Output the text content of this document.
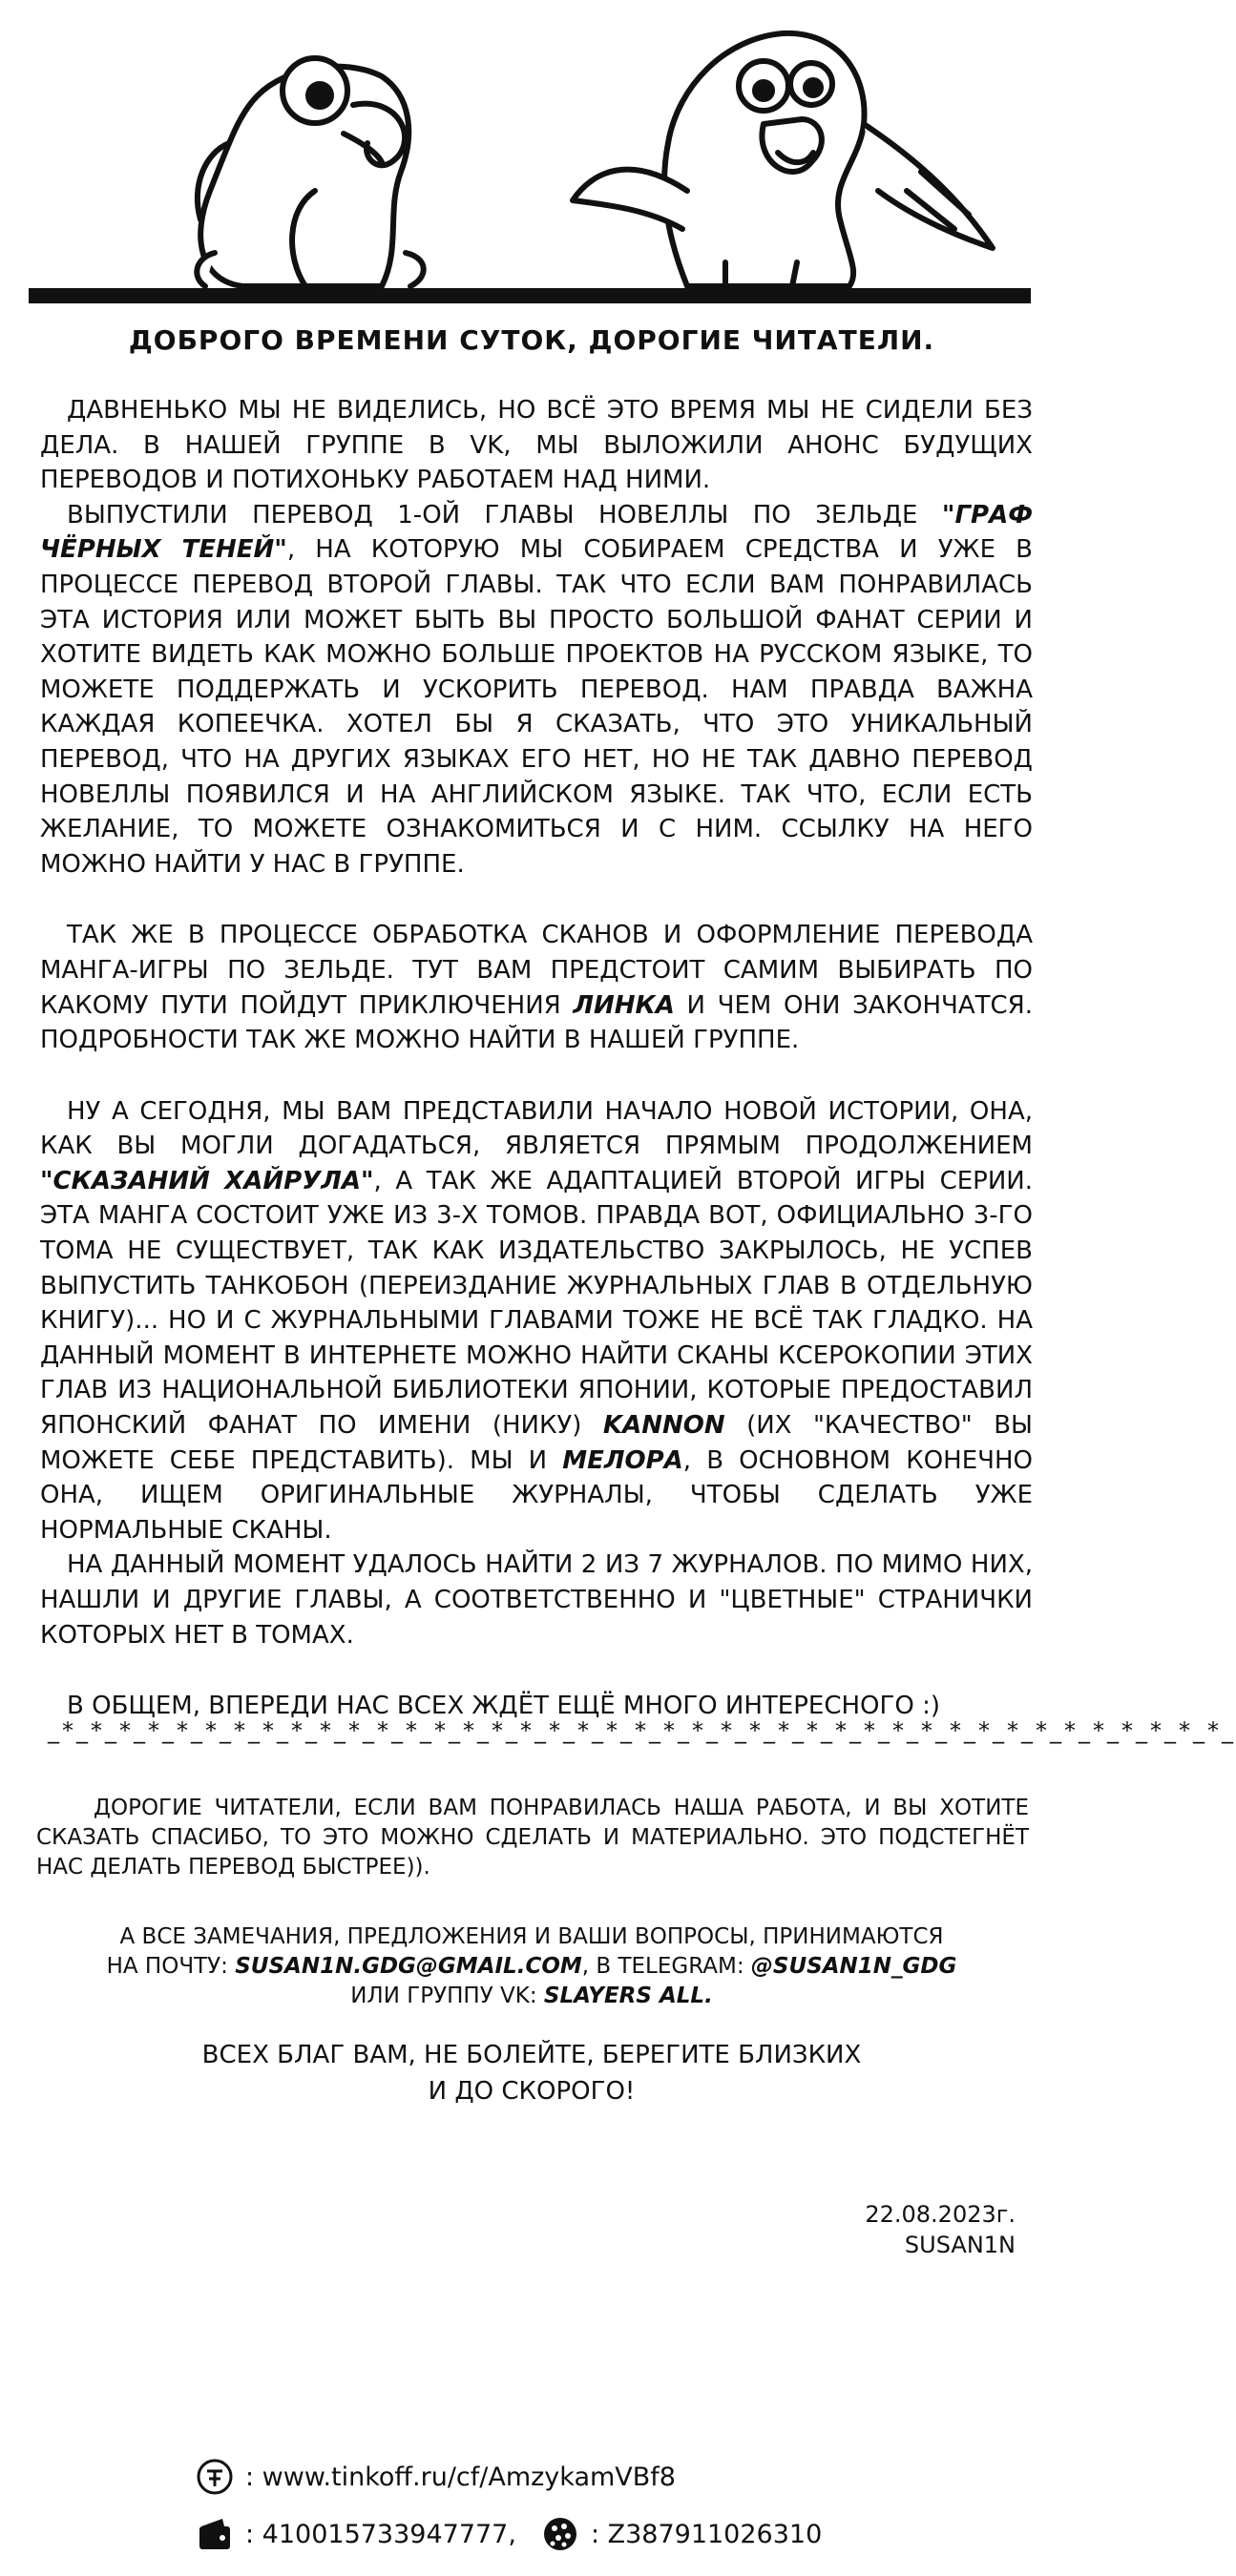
ДОБРОГО ВРЕМЕНИ СУТОК, ДОРОГИЕ ЧИТАТЕЛИ.

ДАВНЕНЬКО МЫ НЕ ВИДЕЛИСЬ, НО ВСЁ ЭТО ВРЕМЯ МЫ НЕ СИДЕЛИ БЕЗ ДЕЛА. В НАШЕЙ ГРУППЕ В VK, МЫ ВЫЛОЖИЛИ АНОНС БУДУЩИХ ПЕРЕВОДОВ И ПОТИХОНЬКУ РАБОТАЕМ НАД НИМИ.

ВЫПУСТИЛИ ПЕРЕВОД 1-ОЙ ГЛАВЫ НОВЕЛЛЫ ПО ЗЕЛЬДЕ "ГРАФ ЧЁРНЫХ ТЕНЕЙ", НА КОТОРУЮ МЫ СОБИРАЕМ СРЕДСТВА И УЖЕ В ПРОЦЕССЕ ПЕРЕВОД ВТОРОЙ ГЛАВЫ. ТАК ЧТО ЕСЛИ ВАМ ПОНРАВИЛАСЬ ЭТА ИСТОРИЯ ИЛИ МОЖЕТ БЫТЬ ВЫ ПРОСТО БОЛЬШОЙ ФАНАТ СЕРИИ И ХОТИТЕ ВИДЕТЬ КАК МОЖНО БОЛЬШЕ ПРОЕКТОВ НА РУССКОМ ЯЗЫКЕ, ТО МОЖЕТЕ ПОДДЕРЖАТЬ И УСКОРИТЬ ПЕРЕВОД. НАМ ПРАВДА ВАЖНА КАЖДАЯ КОПЕЕЧКА. ХОТЕЛ БЫ Я СКАЗАТЬ, ЧТО ЭТО УНИКАЛЬНЫЙ ПЕРЕВОД, ЧТО НА ДРУГИХ ЯЗЫКАХ ЕГО НЕТ, НО НЕ ТАК ДАВНО ПЕРЕВОД НОВЕЛЛЫ ПОЯВИЛСЯ И НА АНГЛИЙСКОМ ЯЗЫКЕ. ТАК ЧТО, ЕСЛИ ЕСТЬ ЖЕЛАНИЕ, ТО МОЖЕТЕ ОЗНАКОМИТЬСЯ И С НИМ. ССЫЛКУ НА НЕГО МОЖНО НАЙТИ У НАС В ГРУППЕ.

ТАК ЖЕ В ПРОЦЕССЕ ОБРАБОТКА СКАНОВ И ОФОРМЛЕНИЕ ПЕРЕВОДА МАНГА-ИГРЫ ПО ЗЕЛЬДЕ. ТУТ ВАМ ПРЕДСТОИТ САМИМ ВЫБИРАТЬ ПО КАКОМУ ПУТИ ПОЙДУТ ПРИКЛЮЧЕНИЯ ЛИНКА И ЧЕМ ОНИ ЗАКОНЧАТСЯ. ПОДРОБНОСТИ ТАК ЖЕ МОЖНО НАЙТИ В НАШЕЙ ГРУППЕ.

НУ А СЕГОДНЯ, МЫ ВАМ ПРЕДСТАВИЛИ НАЧАЛО НОВОЙ ИСТОРИИ, ОНА, КАК ВЫ МОГЛИ ДОГАДАТЬСЯ, ЯВЛЯЕТСЯ ПРЯМЫМ ПРОДОЛЖЕНИЕМ "СКАЗАНИЙ ХАЙРУЛА", А ТАК ЖЕ АДАПТАЦИЕЙ ВТОРОЙ ИГРЫ СЕРИИ. ЭТА МАНГА СОСТОИТ УЖЕ ИЗ 3-Х ТОМОВ. ПРАВДА ВОТ, ОФИЦИАЛЬНО 3-ГО ТОМА НЕ СУЩЕСТВУЕТ, ТАК КАК ИЗДАТЕЛЬСТВО ЗАКРЫЛОСЬ, НЕ УСПЕВ ВЫПУСТИТЬ ТАНКОБОН (ПЕРЕИЗДАНИЕ ЖУРНАЛЬНЫХ ГЛАВ В ОТДЕЛЬНУЮ КНИГУ)... НО И С ЖУРНАЛЬНЫМИ ГЛАВАМИ ТОЖЕ НЕ ВСЁ ТАК ГЛАДКО. НА ДАННЫЙ МОМЕНТ В ИНТЕРНЕТЕ МОЖНО НАЙТИ СКАНЫ КСЕРОКОПИИ ЭТИХ ГЛАВ ИЗ НАЦИОНАЛЬНОЙ БИБЛИОТЕКИ ЯПОНИИ, КОТОРЫЕ ПРЕДОСТАВИЛ ЯПОНСКИЙ ФАНАТ ПО ИМЕНИ (НИКУ) KANNON (ИХ "КАЧЕСТВО" ВЫ МОЖЕТЕ СЕБЕ ПРЕДСТАВИТЬ). МЫ И МЕЛОРА, В ОСНОВНОМ КОНЕЧНО ОНА, ИЩЕМ ОРИГИНАЛЬНЫЕ ЖУРНАЛЫ, ЧТОБЫ СДЕЛАТЬ УЖЕ НОРМАЛЬНЫЕ СКАНЫ.

НА ДАННЫЙ МОМЕНТ УДАЛОСЬ НАЙТИ 2 ИЗ 7 ЖУРНАЛОВ. ПО МИМО НИХ, НАШЛИ И ДРУГИЕ ГЛАВЫ, А СООТВЕТСТВЕННО И "ЦВЕТНЫЕ" СТРАНИЧКИ КОТОРЫХ НЕТ В ТОМАХ.

В ОБЩЕМ, ВПЕРЕДИ НАС ВСЕХ ЖДЁТ ЕЩЁ МНОГО ИНТЕРЕСНОГО :)

_*_*_*_*_*_*_*_*_*_*_*_*_*_*_*_*_*_*_*_*_*_*_*_*_*_*_*_*_*_*_*_*_*_*_*_*_*_*_*_*_*_

ДОРОГИЕ ЧИТАТЕЛИ, ЕСЛИ ВАМ ПОНРАВИЛАСЬ НАША РАБОТА, И ВЫ ХОТИТЕ СКАЗАТЬ СПАСИБО, ТО ЭТО МОЖНО СДЕЛАТЬ И МАТЕРИАЛЬНО. ЭТО ПОДСТЕГНЁТ НАС ДЕЛАТЬ ПЕРЕВОД БЫСТРЕЕ)).

А ВСЕ ЗАМЕЧАНИЯ, ПРЕДЛОЖЕНИЯ И ВАШИ ВОПРОСЫ, ПРИНИМАЮТСЯ

НА ПОЧТУ: SUSAN1N.GDG@GMAIL.COM, В TELEGRAM: @SUSAN1N_GDG

ИЛИ ГРУППУ VK: SLAYERS ALL.

ВСЕХ БЛАГ ВАМ, НЕ БОЛЕЙТЕ, БЕРЕГИТЕ БЛИЗКИХ

И ДО СКОРОГО!

22.08.2023г.

SUSAN1N

: www.tinkoff.ru/cf/AmzykamVBf8
: 410015733947777,	: Z387911026310
